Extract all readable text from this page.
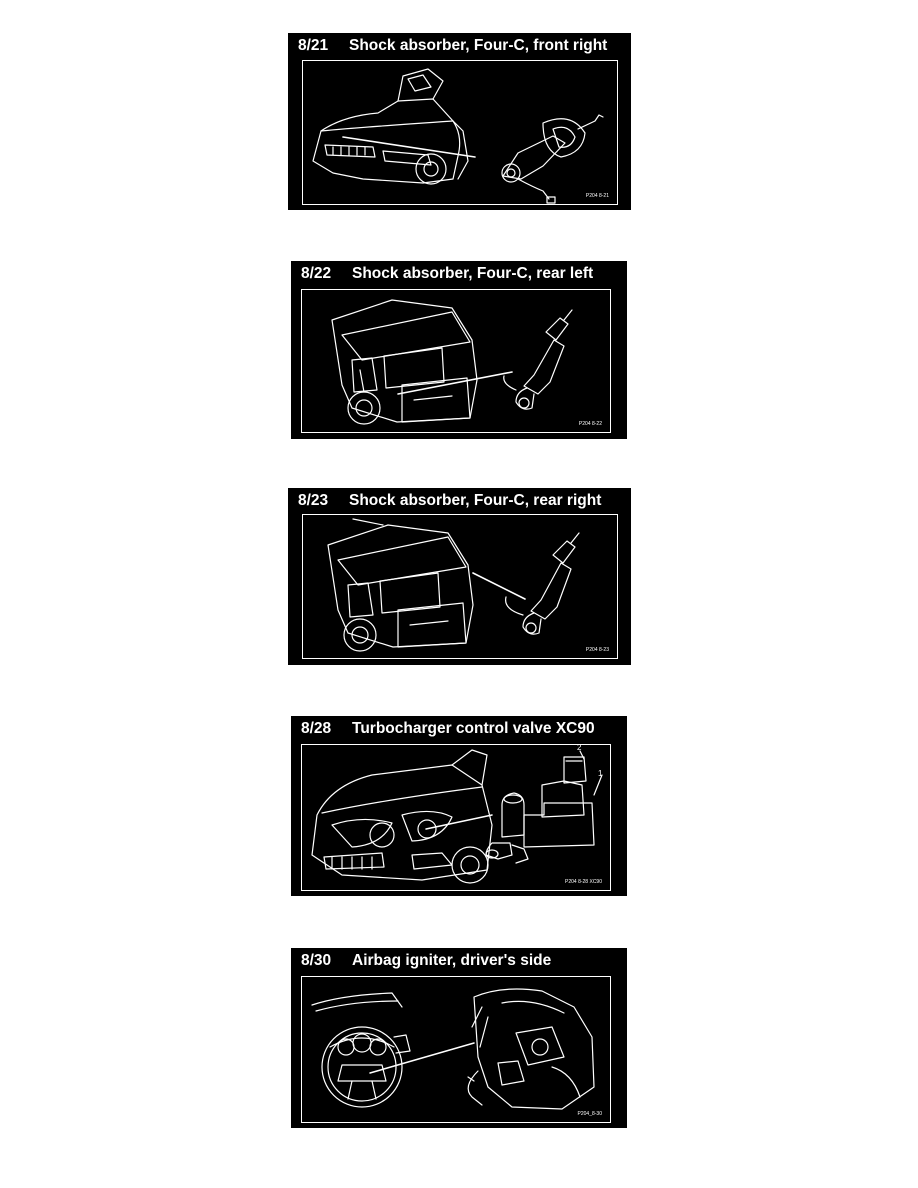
8/21 Shock absorber, Four-C, front right
P204 8-21
8/22 Shock absorber, Four-C, rear left
P204 8-22
8/23 Shock absorber, Four-C, rear right
P204 8-23
8/28 Turbocharger control valve XC90
2
1
P204 8-28 XC90
8/30 Airbag igniter, driver's side
P204_8-30
